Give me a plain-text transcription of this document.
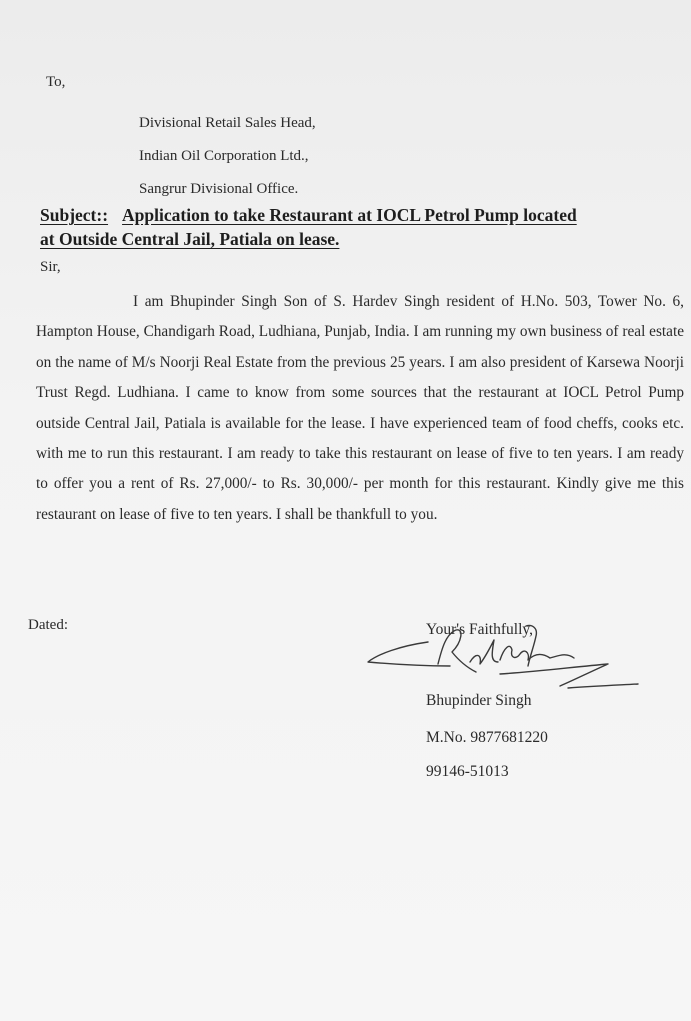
To,
Divisional Retail Sales Head,
Indian Oil Corporation Ltd.,
Sangrur Divisional Office.
Subject:: Application to take Restaurant at IOCL Petrol Pump located
at Outside Central Jail, Patiala on lease.
Sir,
I am Bhupinder Singh Son of S. Hardev Singh resident of H.No. 503, Tower No. 6, Hampton House, Chandigarh Road, Ludhiana, Punjab, India. I am running my own business of real estate on the name of M/s Noorji Real Estate from the previous 25 years. I am also president of Karsewa Noorji Trust Regd. Ludhiana. I came to know from some sources that the restaurant at IOCL Petrol Pump outside Central Jail, Patiala is available for the lease. I have experienced team of food cheffs, cooks etc. with me to run this restaurant. I am ready to take this restaurant on lease of five to ten years. I am ready to offer you a rent of Rs. 27,000/- to Rs. 30,000/- per month for this restaurant. Kindly give me this restaurant on lease of five to ten years. I shall be thankfull to you.
Dated:	Your's Faithfully,
Bhupinder Singh
M.No. 9877681220
99146-51013
